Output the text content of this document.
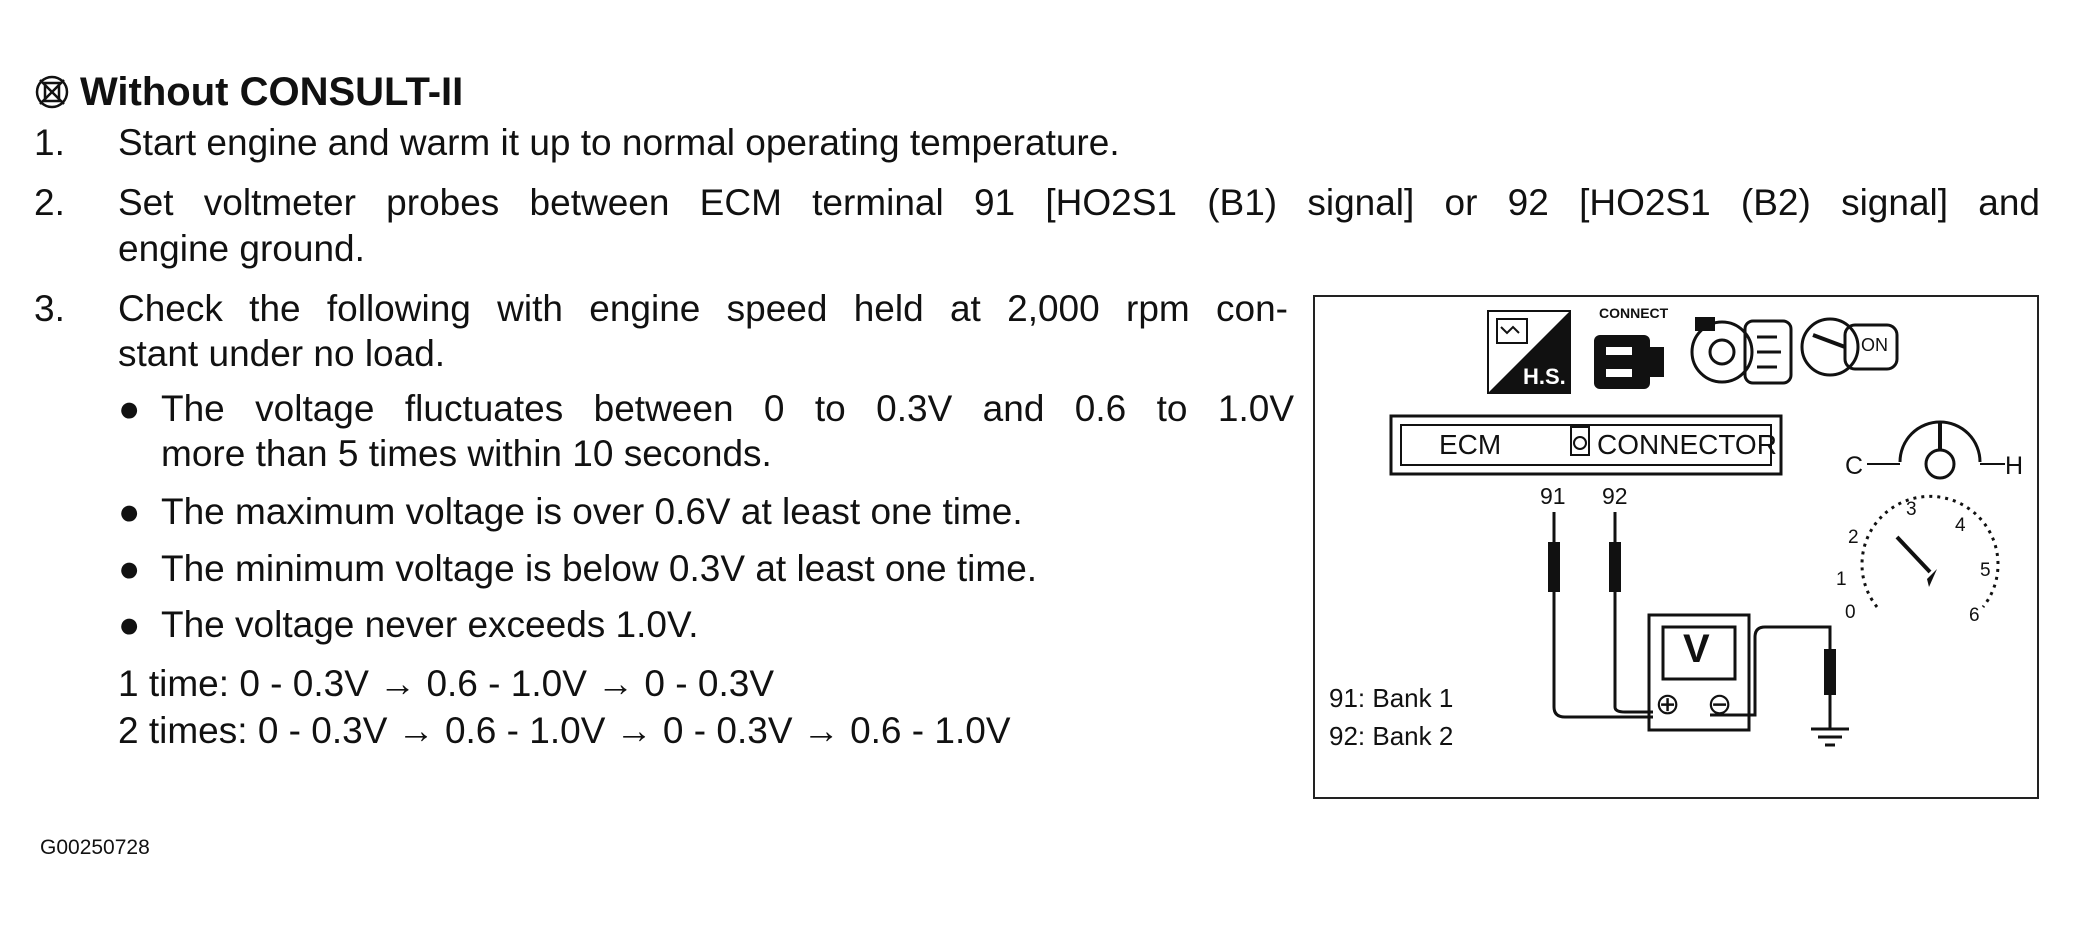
Without CONSULT-II
1. Start engine and warm it up to normal operating temperature.
2. Set voltmeter probes between ECM terminal 91 [HO2S1 (B1) signal] or 92 [HO2S1 (B2) signal] and
engine ground.
3. Check the following with engine speed held at 2,000 rpm con-
stant under no load.
● The voltage fluctuates between 0 to 0.3V and 0.6 to 1.0V
more than 5 times within 10 seconds.
● The maximum voltage is over 0.6V at least one time.
● The minimum voltage is below 0.3V at least one time.
● The voltage never exceeds 1.0V.
1 time: 0 - 0.3V → 0.6 - 1.0V → 0 - 0.3V
2 times: 0 - 0.3V → 0.6 - 1.0V → 0 - 0.3V → 0.6 - 1.0V
G00250728
H.S.
CONNECT
ON
ECM	CONNECTOR
91 92
C	H
V
⊕ ⊖
0
1
2
3
4
5
6
91: Bank 1
92: Bank 2
